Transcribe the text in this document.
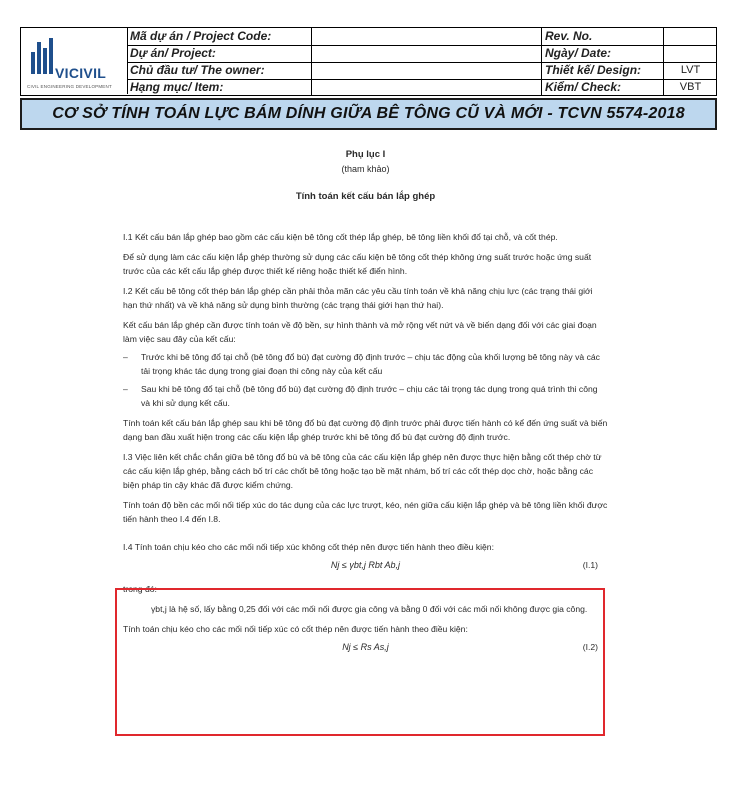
VICIVIL
CIVIL ENGINEERING DEVELOPMENT
Mã dự án / Project Code:	Rev. No.
Dự án/ Project:	Ngày/ Date:
Chủ đầu tư/ The owner:	Thiết kế/ Design:	LVT
Hạng mục/ Item:	Kiểm/ Check:	VBT
CƠ SỞ TÍNH TOÁN LỰC BÁM DÍNH GIỮA BÊ TÔNG CŨ VÀ MỚI - TCVN 5574-2018
Phụ lục I
(tham khảo)
Tính toán kết cấu bán lắp ghép

I.1 Kết cấu bán lắp ghép bao gồm các cấu kiện bê tông cốt thép lắp ghép, bê tông liền khối đổ tại chỗ, và cốt thép.

Để sử dụng làm các cấu kiện lắp ghép thường sử dụng các cấu kiện bê tông cốt thép không ứng suất trước hoặc ứng suất trước của các kết cấu lắp ghép được thiết kế riêng hoặc thiết kế điển hình.

I.2 Kết cấu bê tông cốt thép bán lắp ghép cần phải thỏa mãn các yêu cầu tính toán về khả năng chịu lực (các trạng thái giới hạn thứ nhất) và về khả năng sử dụng bình thường (các trạng thái giới hạn thứ hai).

Kết cấu bán lắp ghép cần được tính toán về độ bền, sự hình thành và mở rộng vết nứt và về biến dạng đối với các giai đoạn làm việc sau đây của kết cấu:

–	Trước khi bê tông đổ tại chỗ (bê tông đổ bù) đạt cường độ định trước – chịu tác động của khối lượng bê tông này và các tải trọng khác tác dụng trong giai đoạn thi công này của kết cấu
–	Sau khi bê tông đổ tại chỗ (bê tông đổ bù) đạt cường độ định trước – chịu các tải trọng tác dụng trong quá trình thi công và khi sử dụng kết cấu.

Tính toán kết cấu bán lắp ghép sau khi bê tông đổ bù đạt cường độ định trước phải được tiến hành có kể đến ứng suất và biến dạng ban đầu xuất hiện trong các cấu kiện lắp ghép trước khi bê tông đổ bù đạt cường độ định trước.

I.3 Việc liên kết chắc chắn giữa bê tông đổ bù và bê tông của các cấu kiện lắp ghép nên được thực hiện bằng cốt thép chờ từ các cấu kiện lắp ghép, bằng cách bố trí các chốt bê tông hoặc tạo bề mặt nhám, bố trí các cốt thép dọc chờ, hoặc bằng các biện pháp tin cậy khác đã được kiểm chứng.

Tính toán độ bền các mối nối tiếp xúc do tác dụng của các lực trượt, kéo, nén giữa cấu kiện lắp ghép và bê tông liền khối được tiến hành theo I.4 đến I.8.

I.4 Tính toán chịu kéo cho các mối nối tiếp xúc không cốt thép nên được tiến hành theo điều kiện:

Nj ≤ γbt,j Rbt Ab,j	(I.1)

trong đó:

γbt,j là hệ số, lấy bằng 0,25 đối với các mối nối được gia công và bằng 0 đối với các mối nối không được gia công.

Tính toán chịu kéo cho các mối nối tiếp xúc có cốt thép nên được tiến hành theo điều kiện:

Nj ≤ Rs As,j	(I.2)
